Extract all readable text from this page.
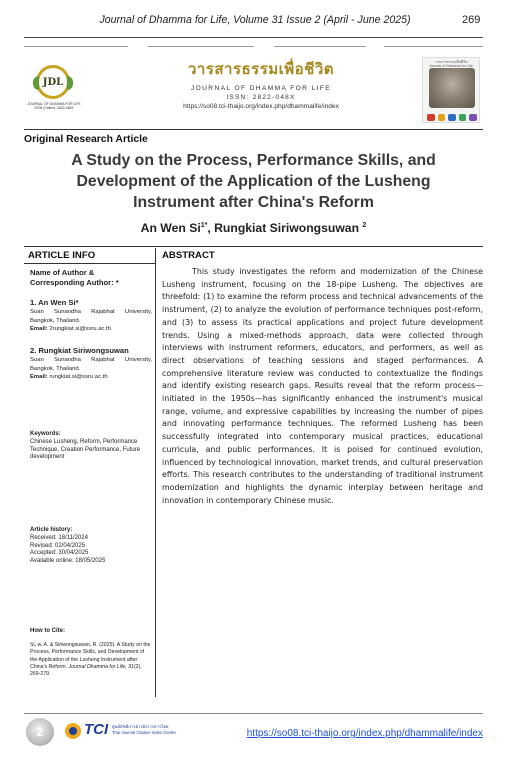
Journal of Dhamma for Life, Volume 31 Issue 2 (April - June 2025)	269
JDL
JOURNAL OF DHAMMA FOR LIFE ISSN (Online): 2822-048X
วารสารธรรมเพื่อชีวิต
JOURNAL OF DHAMMA FOR LIFE
ISSN: 2822-048X
https://so08.tci-thaijo.org/index.php/dhammalife/index
วารสารธรรมเพื่อชีวิต
Journal of Dhamma for Life
Original Research Article
A Study on the Process, Performance Skills, and
Development of the Application of the Lusheng
Instrument after China's Reform
An Wen $Si^{1*}$, Rungkiat Siriwongsuwan $^2$
ARTICLE INFO
Name of Author &
Corresponding Author: *
1. An Wen Si*
Suan Sunandha Rajabhat University, Bangkok, Thailand.
Email: 2rungkiat.si@ssru.ac.th
2. Rungkiat Siriwongsuwan
Suan Sunandha Rajabhat University, Bangkok, Thailand.
Email: rungkiat.si@ssru.ac.th
Keywords:
Chinese Lusheng, Reform, Performance Technique, Creation Performance, Future development
Article history:
Received: 18/11/2024
Revised: 02/04/2025
Accepted: 30/04/2025
Available online: 18/05/2025
How to Cite:
Si, w. A. & Siriwongsuwan, R. (2025). A Study on the Process, Performance Skills, and Development of the Application of the Lusheng Instrument after China's Reform. Journal Dhamma for Life, 31(2), 269-279.
ABSTRACT

This study investigates the reform and modernization of the Chinese Lusheng instrument, focusing on the 18-pipe Lusheng. The objectives are threefold: (1) to examine the reform process and technical advancements of the instrument, (2) to analyze the evolution of performance techniques post-reform, and (3) to assess its practical applications and project future development trends. Using a mixed-methods approach, data were collected through interviews with instrument reformers, educators, and performers, as well as direct observations of teaching sessions and staged performances. A comprehensive literature review was conducted to contextualize the findings and identify existing research gaps. Results reveal that the reform process—initiated in the 1950s—has significantly enhanced the instrument's musical range, volume, and expressive capabilities by increasing the number of pipes and innovating performance techniques. The reformed Lusheng has been successfully integrated into contemporary musical practices, educational curricula, and public performances. It is poised for continued evolution, influenced by technological innovation, market trends, and cultural preservation efforts. This research contributes to the understanding of traditional instrument modernization and highlights the dynamic interplay between heritage and innovation in contemporary Chinese music.

2	TCI ศูนย์ดัชนีการอ้างอิงวารสารไทย
Thai-Journal Citation Index Centre	https://so08.tci-thaijo.org/index.php/dhammalife/index
